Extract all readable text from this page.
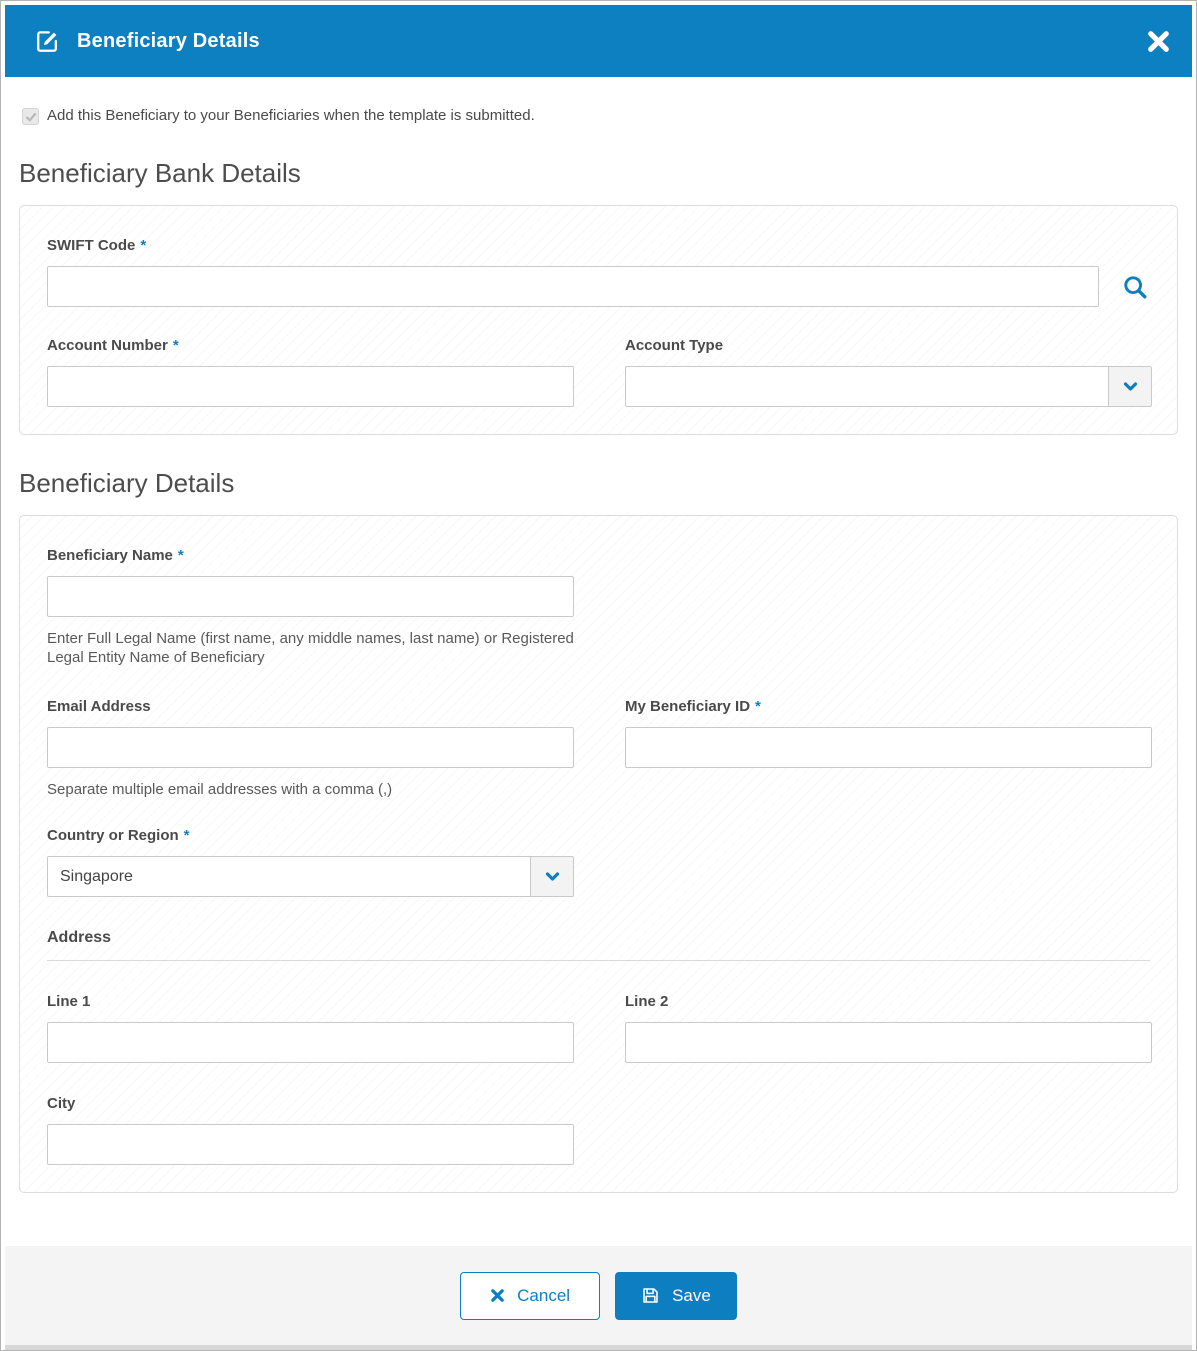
Beneficiary Details
Add this Beneficiary to your Beneficiaries when the template is submitted.
Beneficiary Bank Details
SWIFT Code *
Account Number *	Account Type
Beneficiary Details
Beneficiary Name *
Enter Full Legal Name (first name, any middle names, last name) or Registered Legal Entity Name of Beneficiary
Email Address
Separate multiple email addresses with a comma (,)
My Beneficiary ID *
Country or Region *
Singapore
Address
Line 1	Line 2
City
Cancel	Save
